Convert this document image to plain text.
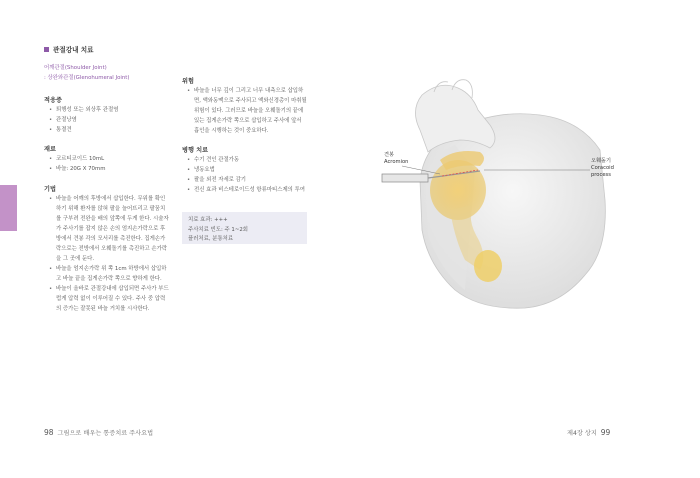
관절강내 치료
어깨관절(Shoulder Joint)
: 상완와관절(Glenohumeral Joint)
적응증
• 퇴행성 또는 외상후 관절염
• 관절낭염
• 통결견
재료
• 코르티코이드 10mL
• 바늘: 20G X 70mm
기법
• 바늘을 어깨의 후방에서 삽입한다. 무위를 확인하기 위해 환자를 앉혀 팔을 늘어뜨리고 팔꿈치를 구부려 전완을 배의 앞쪽에 두게 한다. 시술자가 주사기를 잡지 않은 손의 엄지손가락으로 후방에서 견봉 각의 모서리를 촉진한다. 집게손가락으로는 전방에서 오훼돌기를 촉진하고 손가락을 그 곳에 둔다.
• 바늘을 엄지손가락 위 쪽 1cm 하방에서 삽입하고 바늘 끝을 집게손가락 쪽으로 향하게 한다.
• 바늘이 올바로 관절강내에 삽입되면 주사가 부드럽게 압력 없이 이루어질 수 있다. 주사 중 압력의 증가는 잘못된 바늘 거치를 시사한다.
위험
• 바늘을 너무 깊이 그리고 너무 내측으로 삽입하면, 액와동맥으로 주사되고 액와신경총이 마취될 위험이 있다. 그러므로 바늘을 오훼돌기의 끝에 있는 집게손가락 쪽으로 삽입하고 주사에 앞서 흡인을 시행하는 것이 중요하다.
병행 치료
• 수기 견인 관절가동
• 냉동요법
• 팔을 외전 자세로 감기
• 전신 효과 비스테로이드성 항류마티스제의 투여
치료 효과: +++
주사치료 빈도: 주 1~2회
플러처료, 분통처료
견봉
Acromion	오훼돌기
Coracoid
process
98 그림으로 배우는 통증치료 주사요법	제4장 상지 99
